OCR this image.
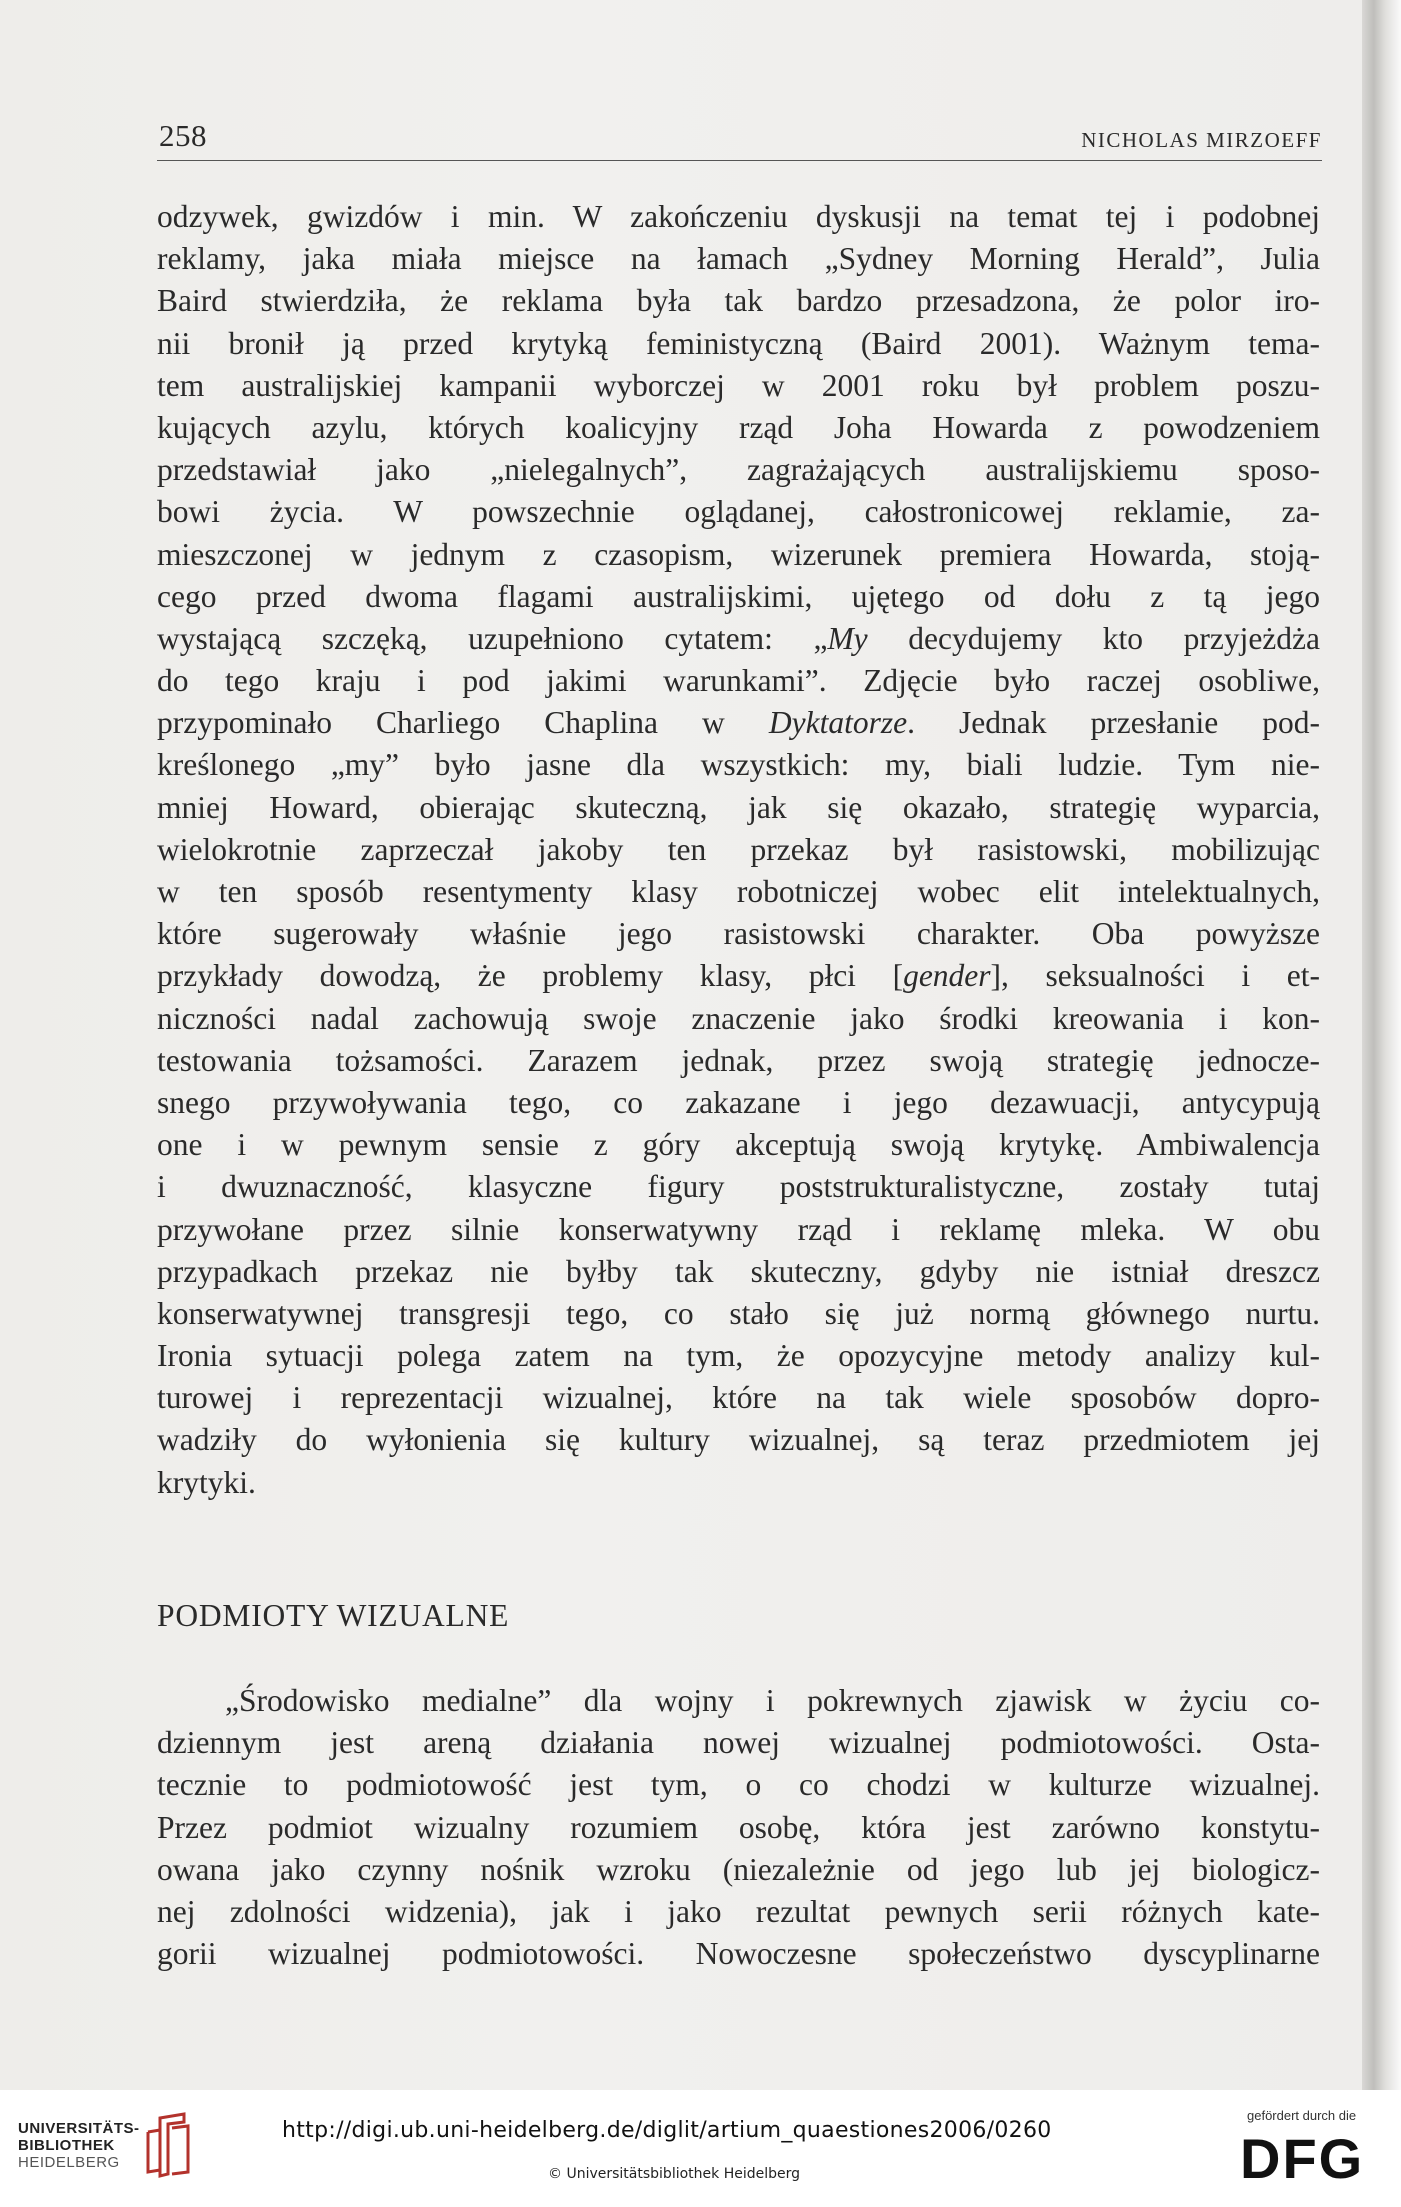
258	NICHOLAS MIRZOEFF
odzywek, gwizdów i min. W zakończeniu dyskusji na temat tej i podobnej
reklamy, jaka miała miejsce na łamach „Sydney Morning Herald”, Julia
Baird stwierdziła, że reklama była tak bardzo przesadzona, że polor iro-
nii bronił ją przed krytyką feministyczną (Baird 2001). Ważnym tema-
tem australijskiej kampanii wyborczej w 2001 roku był problem poszu-
kujących azylu, których koalicyjny rząd Joha Howarda z powodzeniem
przedstawiał jako „nielegalnych”, zagrażających australijskiemu sposo-
bowi życia. W powszechnie oglądanej, całostronicowej reklamie, za-
mieszczonej w jednym z czasopism, wizerunek premiera Howarda, stoją-
cego przed dwoma flagami australijskimi, ujętego od dołu z tą jego
wystającą szczęką, uzupełniono cytatem: „My decydujemy kto przyjeżdża
do tego kraju i pod jakimi warunkami”. Zdjęcie było raczej osobliwe,
przypominało Charliego Chaplina w Dyktatorze. Jednak przesłanie pod-
kreślonego „my” było jasne dla wszystkich: my, biali ludzie. Tym nie-
mniej Howard, obierając skuteczną, jak się okazało, strategię wyparcia,
wielokrotnie zaprzeczał jakoby ten przekaz był rasistowski, mobilizując
w ten sposób resentymenty klasy robotniczej wobec elit intelektualnych,
które sugerowały właśnie jego rasistowski charakter. Oba powyższe
przykłady dowodzą, że problemy klasy, płci [gender], seksualności i et-
niczności nadal zachowują swoje znaczenie jako środki kreowania i kon-
testowania tożsamości. Zarazem jednak, przez swoją strategię jednocze-
snego przywoływania tego, co zakazane i jego dezawuacji, antycypują
one i w pewnym sensie z góry akceptują swoją krytykę. Ambiwalencja
i dwuznaczność, klasyczne figury poststrukturalistyczne, zostały tutaj
przywołane przez silnie konserwatywny rząd i reklamę mleka. W obu
przypadkach przekaz nie byłby tak skuteczny, gdyby nie istniał dreszcz
konserwatywnej transgresji tego, co stało się już normą głównego nurtu.
Ironia sytuacji polega zatem na tym, że opozycyjne metody analizy kul-
turowej i reprezentacji wizualnej, które na tak wiele sposobów dopro-
wadziły do wyłonienia się kultury wizualnej, są teraz przedmiotem jej
krytyki.
PODMIOTY WIZUALNE
„Środowisko medialne” dla wojny i pokrewnych zjawisk w życiu co-
dziennym jest areną działania nowej wizualnej podmiotowości. Osta-
tecznie to podmiotowość jest tym, o co chodzi w kulturze wizualnej.
Przez podmiot wizualny rozumiem osobę, która jest zarówno konstytu-
owana jako czynny nośnik wzroku (niezależnie od jego lub jej biologicz-
nej zdolności widzenia), jak i jako rezultat pewnych serii różnych kate-
gorii wizualnej podmiotowości. Nowoczesne społeczeństwo dyscyplinarne
UNIVERSITÄTS-
BIBLIOTHEK
HEIDELBERG
http://digi.ub.uni-heidelberg.de/diglit/artium_quaestiones2006/0260
© Universitätsbibliothek Heidelberg
gefördert durch die
DFG
